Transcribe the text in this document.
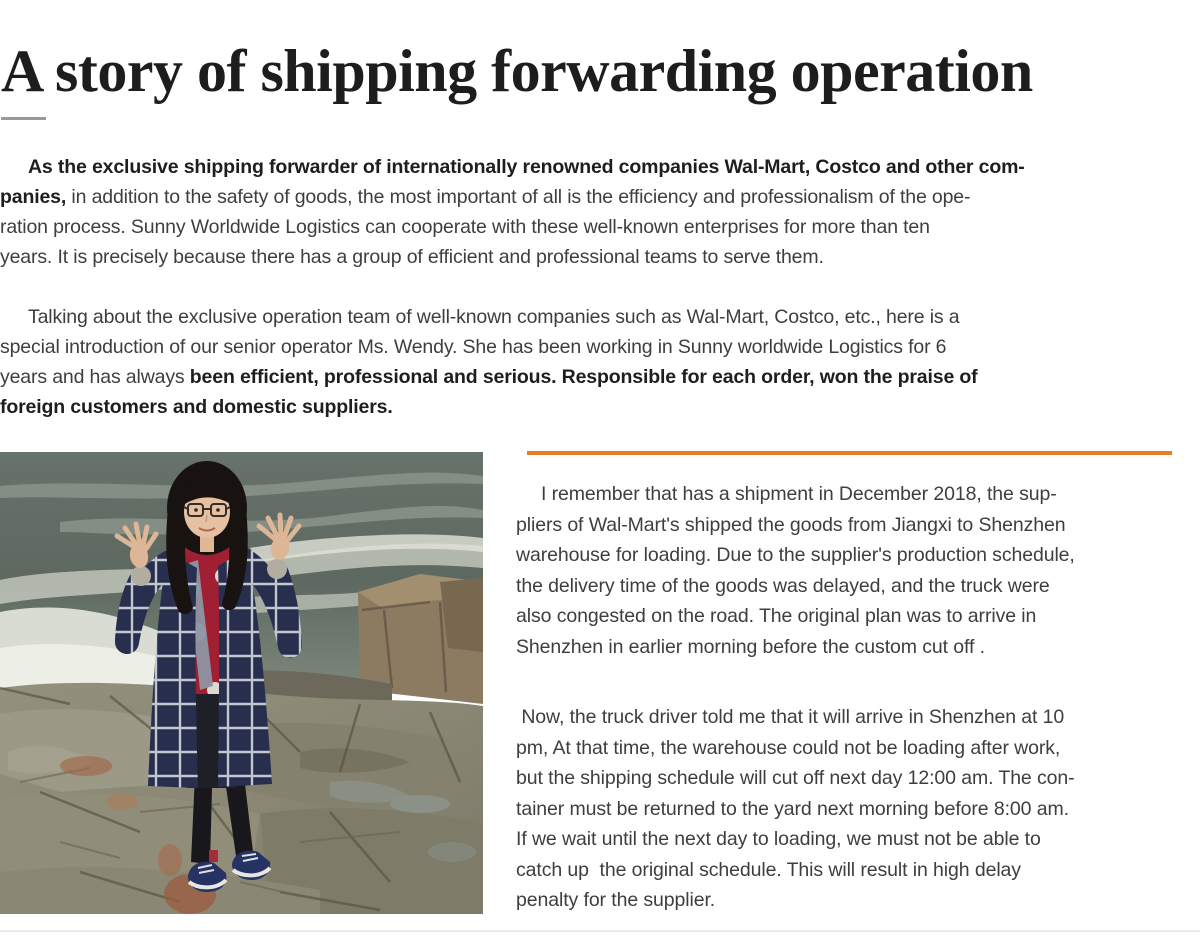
A story of shipping forwarding operation

As the exclusive shipping forwarder of internationally renowned companies Wal-Mart, Costco and other com-
panies, in addition to the safety of goods, the most important of all is the efficiency and professionalism of the ope-
ration process. Sunny Worldwide Logistics can cooperate with these well-known enterprises for more than ten
years. It is precisely because there has a group of efficient and professional teams to serve them.

Talking about the exclusive operation team of well-known companies such as Wal-Mart, Costco, etc., here is a
special introduction of our senior operator Ms. Wendy. She has been working in Sunny worldwide Logistics for 6
years and has always been efficient, professional and serious. Responsible for each order, won the praise of
foreign customers and domestic suppliers.

I remember that has a shipment in December 2018, the sup-
pliers of Wal-Mart's shipped the goods from Jiangxi to Shenzhen
warehouse for loading. Due to the supplier's production schedule,
the delivery time of the goods was delayed, and the truck were
also congested on the road. The original plan was to arrive in
Shenzhen in earlier morning before the custom cut off .

Now, the truck driver told me that it will arrive in Shenzhen at 10
pm, At that time, the warehouse could not be loading after work,
but the shipping schedule will cut off next day 12:00 am. The con-
tainer must be returned to the yard next morning before 8:00 am.
If we wait until the next day to loading, we must not be able to
catch up  the original schedule. This will result in high delay
penalty for the supplier.
